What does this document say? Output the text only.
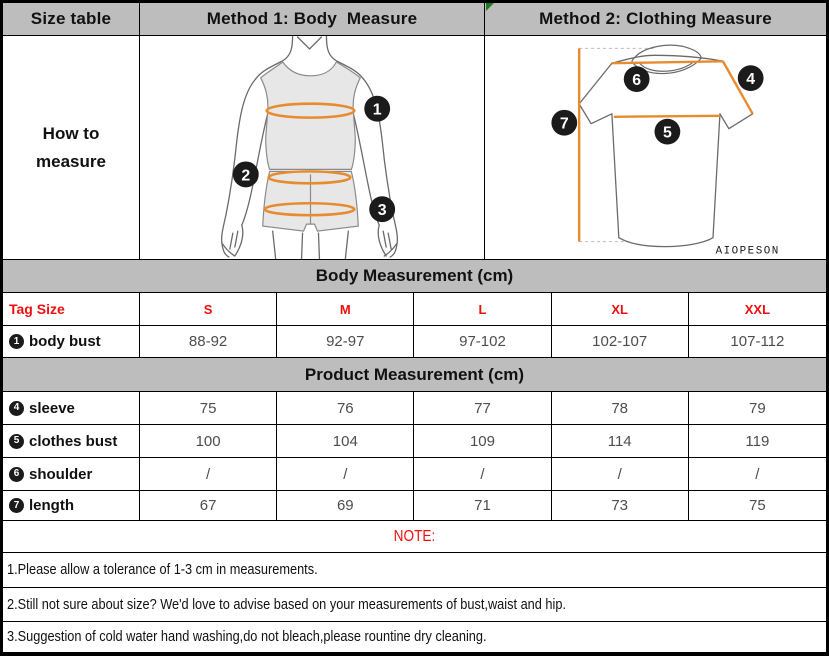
Size table	Method 1: Body  Measure	Method 2: Clothing Measure
How to measure
1
2
3
6	4
7
5
AIOPESON
Body Measurement (cm)
Tag Size	S	M	L	XL	XXL
1 body bust	88-92	92-97	97-102	102-107	107-112
Product Measurement (cm)
4 sleeve	75	76	77	78	79
5 clothes bust	100	104	109	114	119
6 shoulder	/	/	/	/	/
7 length	67	69	71	73	75
NOTE:
1.Please allow a tolerance of 1-3 cm in measurements.
2.Still not sure about size? We'd love to advise based on your measurements of bust,waist and hip.
3.Suggestion of cold water hand washing,do not bleach,please rountine dry cleaning.
